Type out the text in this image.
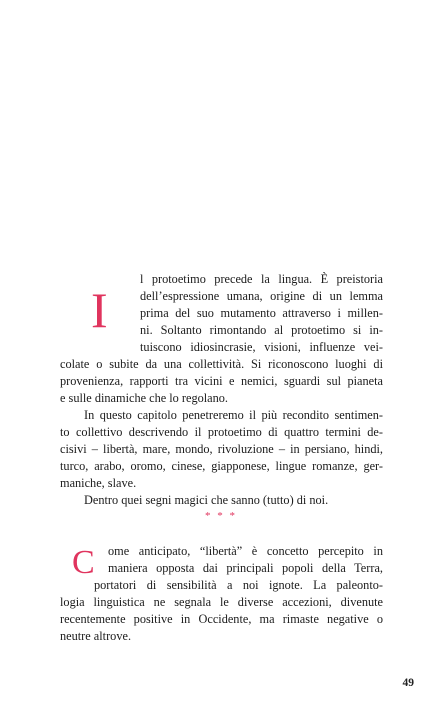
I

l protoetimo precede la lingua. È preistoria

dell’espressione umana, origine di un lemma

prima del suo mutamento attraverso i millen-

ni. Soltanto rimontando al protoetimo si in-

tuiscono idiosincrasie, visioni, influenze vei-

colate o subite da una collettività. Si riconoscono luoghi di

provenienza, rapporti tra vicini e nemici, sguardi sul pianeta

e sulle dinamiche che lo regolano.

In questo capitolo penetreremo il più recondito sentimen-

to collettivo descrivendo il protoetimo di quattro termini de-

cisivi – libertà, mare, mondo, rivoluzione – in persiano, hindi,

turco, arabo, oromo, cinese, giapponese, lingue romanze, ger-

maniche, slave.

Dentro quei segni magici che sanno (tutto) di noi.

* * *

C ome anticipato, “libertà” è concetto percepito in

maniera opposta dai principali popoli della Terra,

portatori di sensibilità a noi ignote. La paleonto-

logia linguistica ne segnala le diverse accezioni, divenute

recentemente positive in Occidente, ma rimaste negative o

neutre altrove.

49
